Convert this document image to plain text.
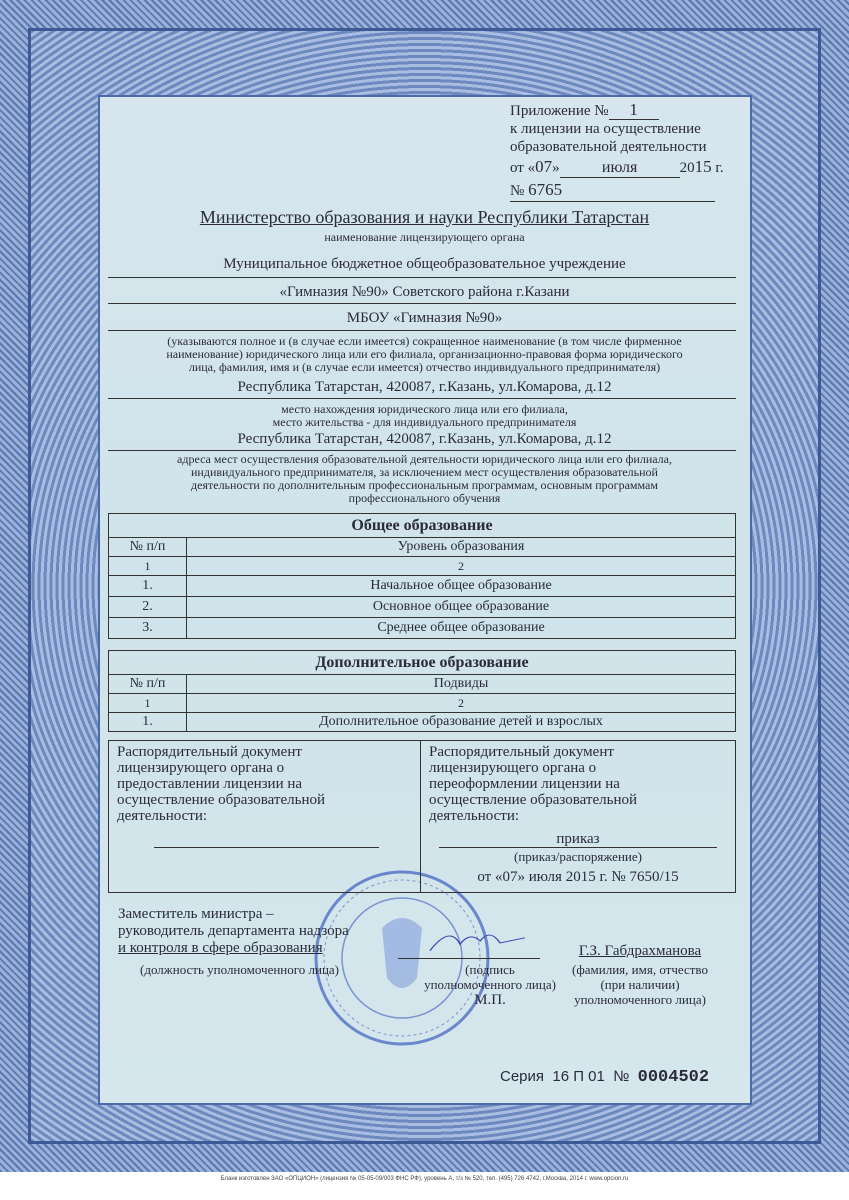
Приложение № 1
к лицензии на осуществление
образовательной деятельности
от «07»	июля	2015 г.
№ 6765
Министерство образования и науки Республики Татарстан
наименование лицензирующего органа
Муниципальное бюджетное общеобразовательное учреждение
«Гимназия №90» Советского района г.Казани
МБОУ «Гимназия №90»
(указываются полное и (в случае если имеется) сокращенное наименование (в том числе фирменное
наименование) юридического лица или его филиала, организационно-правовая форма юридического
лица, фамилия, имя и (в случае если имеется) отчество индивидуального предпринимателя)
Республика Татарстан, 420087, г.Казань, ул.Комарова, д.12
место нахождения юридического лица или его филиала,
место жительства - для индивидуального предпринимателя
Республика Татарстан, 420087, г.Казань, ул.Комарова, д.12
адреса мест осуществления образовательной деятельности юридического лица или его филиала,
индивидуального предпринимателя, за исключением мест осуществления образовательной
деятельности по дополнительным профессиональным программам, основным программам
профессионального обучения
Общее образование	
№ п/п	Уровень образования
1	2
1.	Начальное общее образование
2.	Основное общее образование
3.	Среднее общее образование
Дополнительное образование	
№ п/п	Подвиды
1	2
1.	Дополнительное образование детей и взрослых
Распорядительный документ лицензирующего органа о предоставлении лицензии на осуществление образовательной деятельности:
Распорядительный документ лицензирующего органа о переоформлении лицензии на осуществление образовательной деятельности:
приказ
(приказ/распоряжение)
от «07» июля 2015 г. № 7650/15
Заместитель министра –
руководитель департамента надзора
и контроля в сфере образования
(должность уполномоченного лица)	(подпись
уполномоченного лица)
М.П.
Г.З. Габдрахманова
(фамилия, имя, отчество
(при наличии)
уполномоченного лица)
Серия 16 П 01 № 0004502
Бланк изготовлен ЗАО «ОПЦИОН» (лицензия № 05-05-09/003 ФНС РФ), уровень А, т/з № 520, тел. (495) 726 4742, г.Москва, 2014 г. www.opcion.ru
